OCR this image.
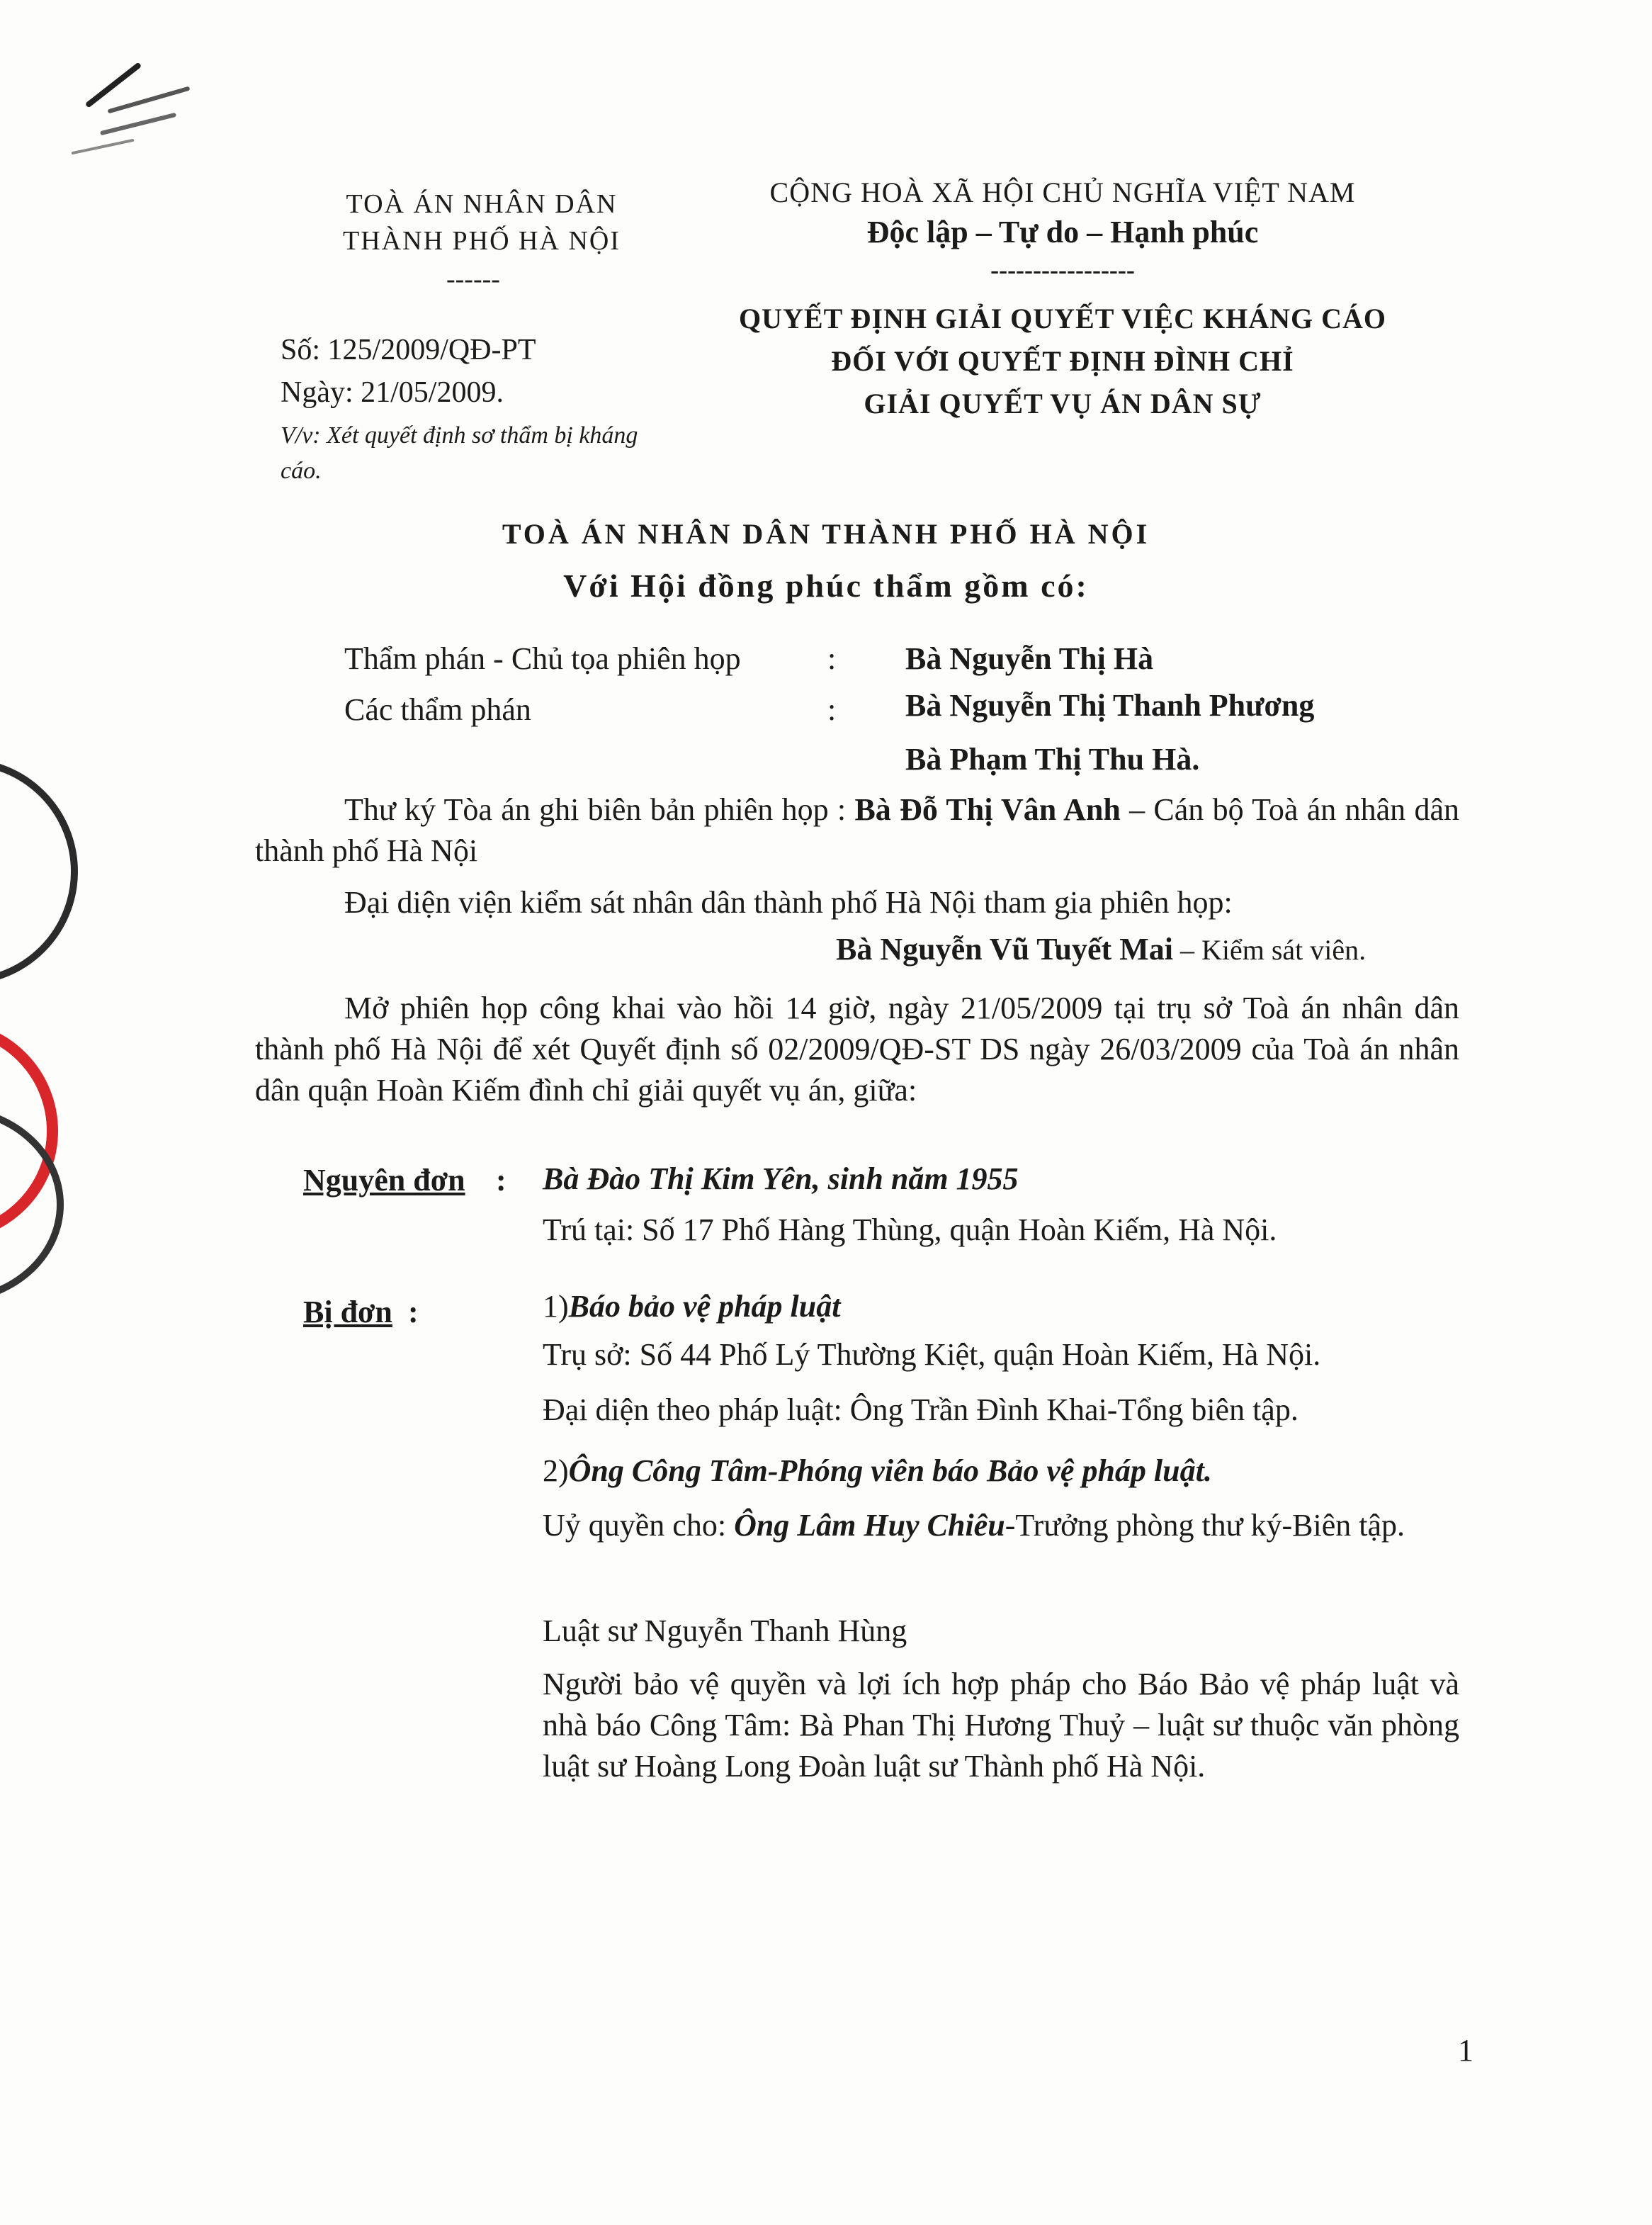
TOÀ ÁN NHÂN DÂN
THÀNH PHỐ HÀ NỘI
------
Số: 125/2009/QĐ-PT
Ngày: 21/05/2009.
V/v: Xét quyết định sơ thẩm bị kháng cáo.
CỘNG HOÀ XÃ HỘI CHỦ NGHĨA VIỆT NAM
Độc lập – Tự do – Hạnh phúc
-----------------
QUYẾT ĐỊNH GIẢI QUYẾT VIỆC KHÁNG CÁO
ĐỐI VỚI QUYẾT ĐỊNH ĐÌNH CHỈ
GIẢI QUYẾT VỤ ÁN DÂN SỰ
TOÀ ÁN NHÂN DÂN THÀNH PHỐ HÀ NỘI
Với Hội đồng phúc thẩm gồm có:
Thẩm phán - Chủ tọa phiên họp	: Bà Nguyễn Thị Hà
Các thẩm phán	: Bà Nguyễn Thị Thanh Phương
Bà Phạm Thị Thu Hà.
Thư ký Tòa án ghi biên bản phiên họp : Bà Đỗ Thị Vân Anh – Cán bộ Toà án nhân dân thành phố Hà Nội
Đại diện viện kiểm sát nhân dân thành phố Hà Nội tham gia phiên họp:
Bà Nguyễn Vũ Tuyết Mai – Kiểm sát viên.
Mở phiên họp công khai vào hồi 14 giờ, ngày 21/05/2009 tại trụ sở Toà án nhân dân thành phố Hà Nội để xét Quyết định số 02/2009/QĐ-ST DS ngày 26/03/2009 của Toà án nhân dân quận Hoàn Kiếm đình chỉ giải quyết vụ án, giữa:
Nguyên đơn : Bà Đào Thị Kim Yên, sinh năm 1955
Trú tại: Số 17 Phố Hàng Thùng, quận Hoàn Kiếm, Hà Nội.
Bị đơn :	1)Báo bảo vệ pháp luật
Trụ sở: Số 44 Phố Lý Thường Kiệt, quận Hoàn Kiếm, Hà Nội.
Đại diện theo pháp luật: Ông Trần Đình Khai-Tổng biên tập.
2)Ông Công Tâm-Phóng viên báo Bảo vệ pháp luật.
Uỷ quyền cho: Ông Lâm Huy Chiêu-Trưởng phòng thư ký-Biên tập.
Luật sư Nguyễn Thanh Hùng
Người bảo vệ quyền và lợi ích hợp pháp cho Báo Bảo vệ pháp luật và nhà báo Công Tâm: Bà Phan Thị Hương Thuỷ – luật sư thuộc văn phòng luật sư Hoàng Long Đoàn luật sư Thành phố Hà Nội.
1
